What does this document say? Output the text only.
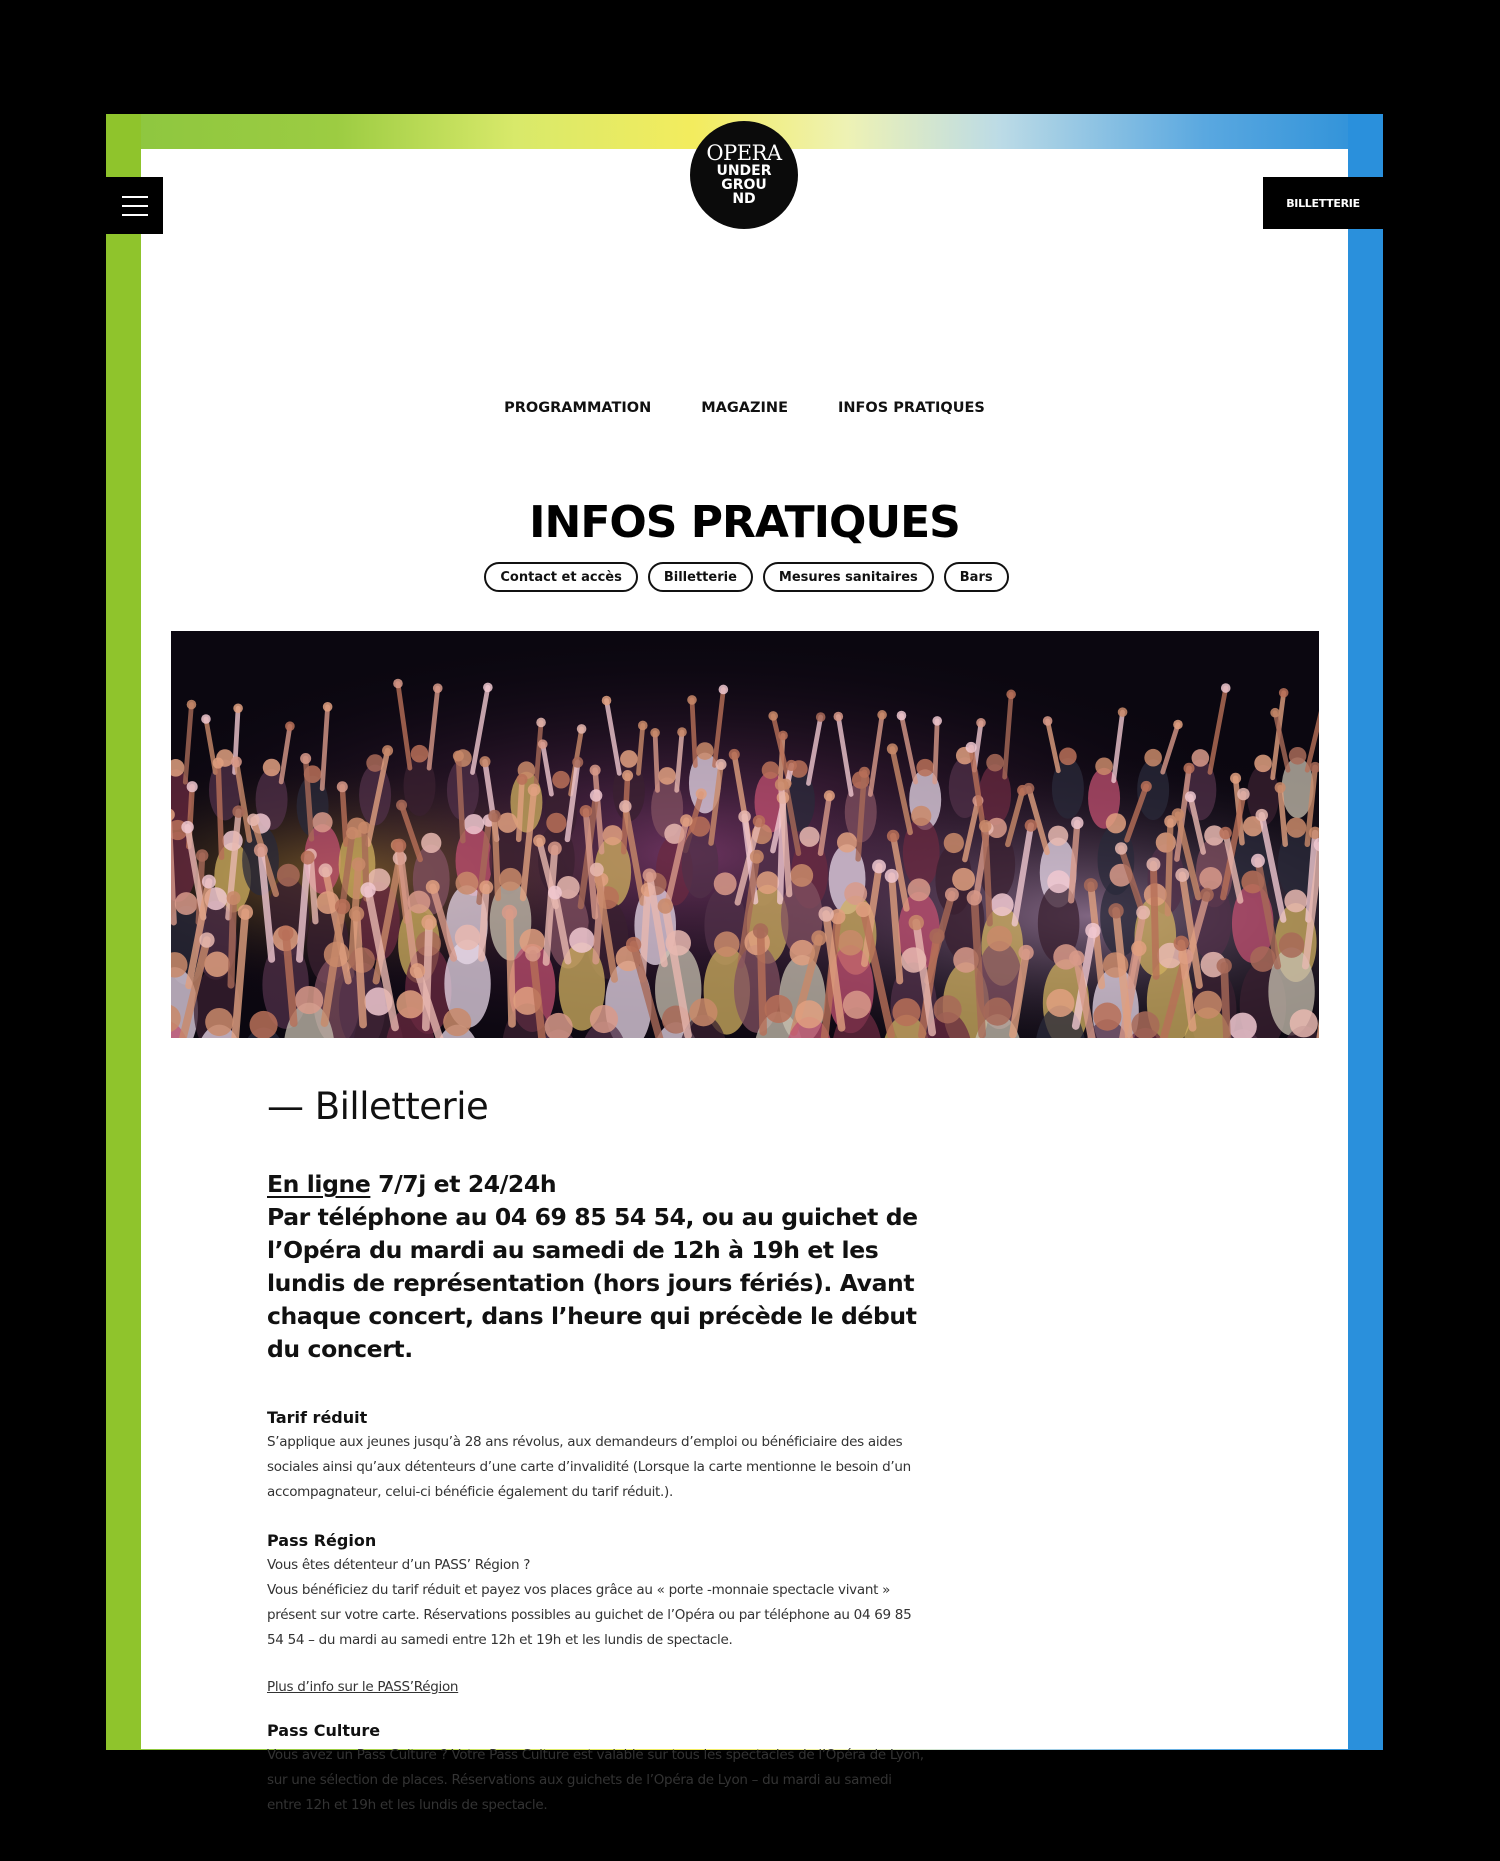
BILLETTERIE
OPERA
UNDER GROU ND
PROGRAMMATION	MAGAZINE	INFOS PRATIQUES
INFOS PRATIQUES
Contact et accès	Billetterie	Mesures sanitaires	Bars
— Billetterie

En ligne 7/7j et 24/24h
Par téléphone au 04 69 85 54 54, ou au guichet de l’Opéra du mardi au samedi de 12h à 19h et les lundis de représentation (hors jours fériés). Avant chaque concert, dans l’heure qui précède le début du concert.

Tarif réduit

S’applique aux jeunes jusqu’à 28 ans révolus, aux demandeurs d’emploi ou bénéficiaire des aides sociales ainsi qu’aux détenteurs d’une carte d’invalidité (Lorsque la carte mentionne le besoin d’un accompagnateur, celui-ci bénéficie également du tarif réduit.).

Pass Région

Vous êtes détenteur d’un PASS’ Région ?

Vous bénéficiez du tarif réduit et payez vos places grâce au « porte -monnaie spectacle vivant » présent sur votre carte. Réservations possibles au guichet de l’Opéra ou par téléphone au 04 69 85 54 54 – du mardi au samedi entre 12h et 19h et les lundis de spectacle.

Plus d’info sur le PASS’Région
Pass Culture

Vous avez un Pass Culture ? Votre Pass Culture est valable sur tous les spectacles de l’Opéra de Lyon, sur une sélection de places. Réservations aux guichets de l’Opéra de Lyon – du mardi au samedi entre 12h et 19h et les lundis de spectacle.
